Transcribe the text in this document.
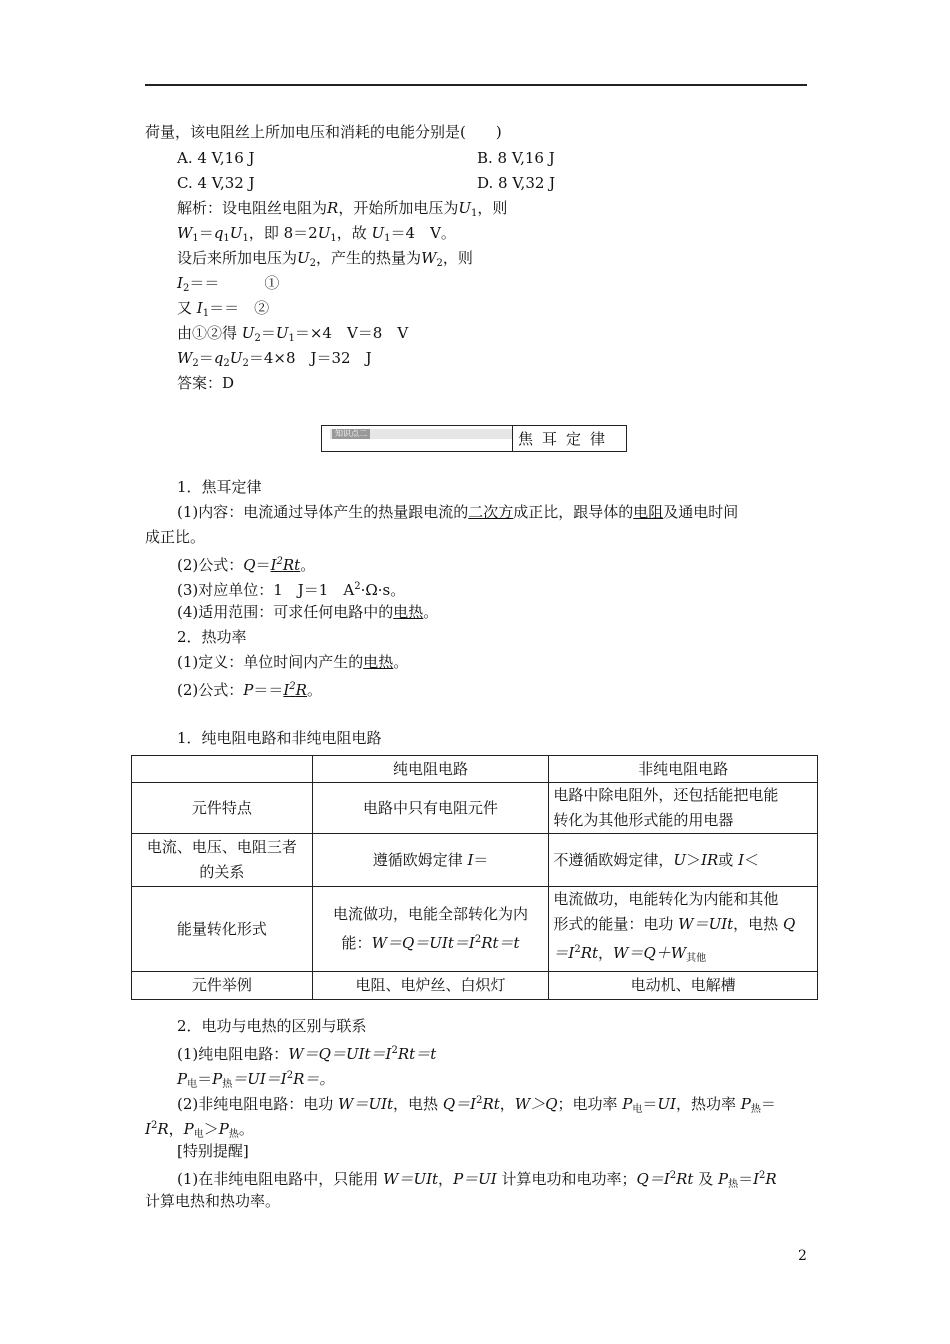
荷量，该电阻丝上所加电压和消耗的电能分别是(　　)
A. 4 V,16 J	B. 8 V,16 J
C. 4 V,32 J	D. 8 V,32 J
解析：设电阻丝电阻为R，开始所加电压为$U_1$，则
$W_1=q_1U_1$，即 $8=2U_1$，故 $U_1=4$　V。
设后来所加电压为$U_2$，产生的热量为$W_2$，则
$I_2==$　　　①
又 $I_1==$　②
由①②得 $U_2=U_1=\times 4$　V＝8　V
$W_2=q_2U_2=4\times 8$　J＝32　J
答案：D
知识点二	焦耳定律
1．焦耳定律
(1)内容：电流通过导体产生的热量跟电流的二次方成正比，跟导体的电阻及通电时间
成正比。
(2)公式：$Q=I^2Rt$。
(3)对应单位：1　J＝1　$A^2\cdot\Omega\cdot s$。
(4)适用范围：可求任何电路中的电热。
2．热功率
(1)定义：单位时间内产生的电热。
(2)公式：$P==I^2R$。
1．纯电阻电路和非纯电阻电路
	纯电阻电路	非纯电阻电路
元件特点	电路中只有电阻元件	电路中除电阻外，还包括能把电能
转化为其他形式能的用电器
电流、电压、电阻三者
的关系	遵循欧姆定律 I＝	不遵循欧姆定律，U＞IR或 I＜
能量转化形式	电流做功，电能全部转化为内
能：$W=Q=UIt=I^2Rt=t$	电流做功，电能转化为内能和其他
形式的能量：电功 W＝UIt，电热 Q
$=I^2Rt$，$W=Q+W_{其他}$
元件举例	电阻、电炉丝、白炽灯	电动机、电解槽
2．电功与电热的区别与联系
(1)纯电阻电路：$W=Q=UIt=I^2Rt=t$
$P_电=P_热=UI=I^2R=$。
(2)非纯电阻电路：电功 W＝UIt，电热 $Q=I^2Rt$，W＞Q；电功率 $P_电=UI$，热功率 $P_热=$
$I^2R$，$P_电>P_热$。
[特别提醒]
(1)在非纯电阻电路中，只能用 W＝UIt，P＝UI 计算电功和电功率；$Q=I^2Rt$ 及 $P_热=I^2R$
计算电热和热功率。
2
